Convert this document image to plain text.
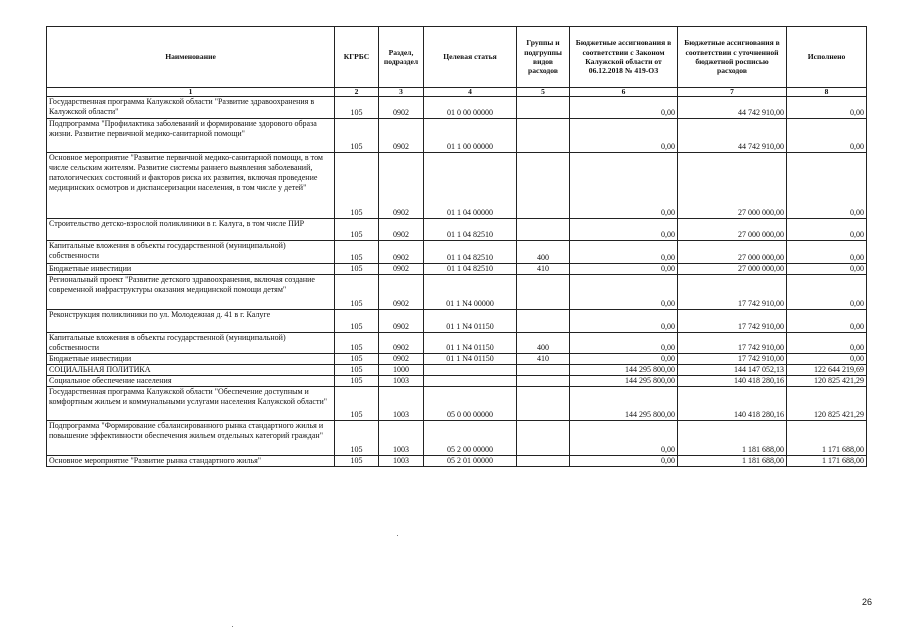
Наименование	КГРБС	Раздел, подраздел	Целевая статья	Группы и подгруппы видов расходов	Бюджетные ассигнования в соответствии с Законом Калужской области от 06.12.2018 № 419-ОЗ	Бюджетные ассигнования в соответствии с уточненной бюджетной росписью расходов	Исполнено
1	2	3	4	5	6	7	8
Государственная программа Калужской области "Развитие здравоохранения в Калужской области"	105	0902	01 0 00 00000		0,00	44 742 910,00	0,00
Подпрограмма "Профилактика заболеваний и формирование здорового образа жизни. Развитие первичной медико-санитарной помощи"	105	0902	01 1 00 00000		0,00	44 742 910,00	0,00
Основное мероприятие "Развитие первичной медико-санитарной помощи, в том числе сельским жителям. Развитие системы раннего выявления заболеваний, патологических состояний и факторов риска их развития, включая проведение медицинских осмотров и диспансеризации населения, в том числе у детей"	105	0902	01 1 04 00000		0,00	27 000 000,00	0,00
Строительство детско-взрослой поликлиники в г. Калуга, в том числе ПИР	105	0902	01 1 04 82510		0,00	27 000 000,00	0,00
Капитальные вложения в объекты государственной (муниципальной) собственности	105	0902	01 1 04 82510	400	0,00	27 000 000,00	0,00
Бюджетные инвестиции	105	0902	01 1 04 82510	410	0,00	27 000 000,00	0,00
Региональный проект "Развитие детского здравоохранения, включая создание современной инфраструктуры оказания медицинской помощи детям"	105	0902	01 1 N4 00000		0,00	17 742 910,00	0,00
Реконструкция поликлиники по ул. Молодежная д. 41 в г. Калуге	105	0902	01 1 N4 01150		0,00	17 742 910,00	0,00
Капитальные вложения в объекты государственной (муниципальной) собственности	105	0902	01 1 N4 01150	400	0,00	17 742 910,00	0,00
Бюджетные инвестиции	105	0902	01 1 N4 01150	410	0,00	17 742 910,00	0,00
СОЦИАЛЬНАЯ ПОЛИТИКА	105	1000			144 295 800,00	144 147 052,13	122 644 219,69
Социальное обеспечение населения	105	1003			144 295 800,00	140 418 280,16	120 825 421,29
Государственная программа Калужской области "Обеспечение доступным и комфортным жильем и коммунальными услугами населения Калужской области"	105	1003	05 0 00 00000		144 295 800,00	140 418 280,16	120 825 421,29
Подпрограмма "Формирование сбалансированного рынка стандартного жилья и повышение эффективности обеспечения жильем отдельных категорий граждан"	105	1003	05 2 00 00000		0,00	1 181 688,00	1 171 688,00
Основное мероприятие "Развитие рынка стандартного жилья"	105	1003	05 2 01 00000		0,00	1 181 688,00	1 171 688,00
26
